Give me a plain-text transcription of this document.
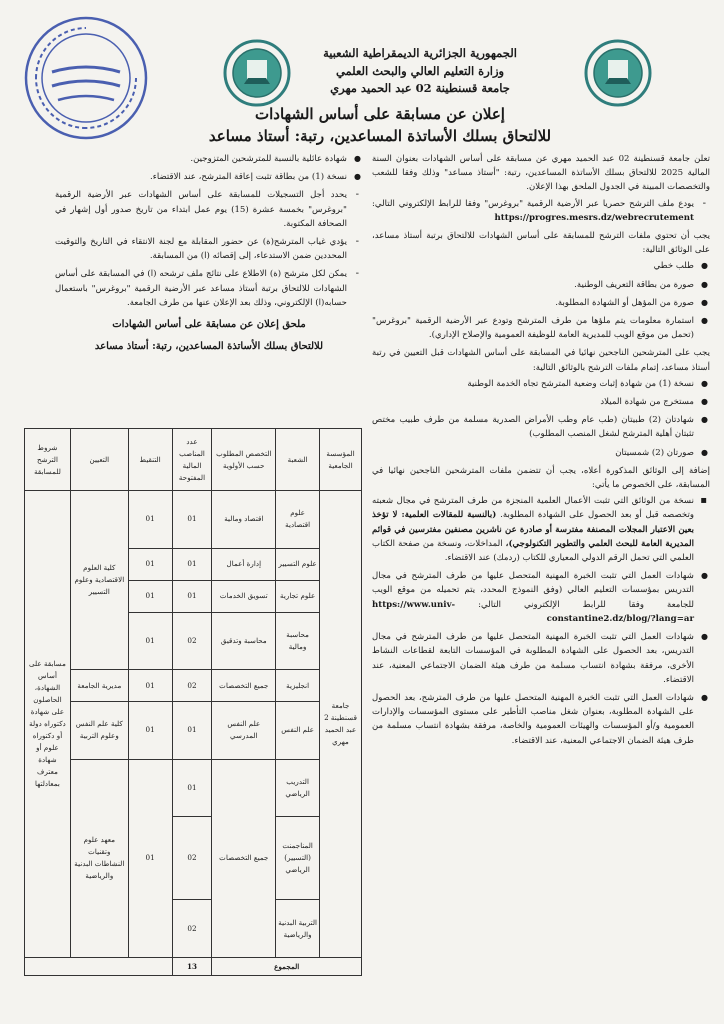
الجمهورية الجزائرية الديمقراطية الشعبية
وزارة التعليم العالي والبحث العلمي
جامعة قسنطينة 02 عبد الحميد مهري
إعلان عن مسابقة على أساس الشهادات
للالتحاق بسلك الأساتذة المساعدين، رتبة: أستاذ مساعد

تعلن جامعة قسنطينة 02 عبد الحميد مهري عن مسابقة على أساس الشهادات بعنوان السنة المالية 2025 للالتحاق بسلك الأساتذة المساعدين، رتبة: "أستاذ مساعد" وذلك وفقا للشعب والتخصصات المبينة في الجدول الملحق بهذا الإعلان.

- يودع ملف الترشح حصريا عبر الأرضية الرقمية "بروغرس" وفقا للرابط الإلكتروني التالي: https://progres.mesrs.dz/webrecrutement

يجب أن تحتوي ملفات الترشح للمسابقة على أساس الشهادات للالتحاق برتبة أستاذ مساعد، على الوثائق التالية:

● طلب خطي
● صورة من بطاقة التعريف الوطنية.
● صورة من المؤهل أو الشهادة المطلوبة.
● استمارة معلومات يتم ملؤها من طرف المترشح وتودع عبر الأرضية الرقمية "بروغرس" (تحمل من موقع الويب للمديرية العامة للوظيفة العمومية والإصلاح الإداري).

يجب على المترشحين الناجحين نهائيا في المسابقة على أساس الشهادات قبل التعيين في رتبة أستاذ مساعد، إتمام ملفات الترشح بالوثائق التالية:

● نسخة (1) من شهادة إثبات وضعية المترشح تجاه الخدمة الوطنية
● مستخرج من شهادة الميلاد
● شهادتان (2) طبيتان (طب عام وطب الأمراض الصدرية مسلمة من طرف طبيب مختص تثبتان أهلية المترشح لشغل المنصب المطلوب)
● صورتان (2) شمسيتان

إضافة إلى الوثائق المذكورة أعلاه، يجب أن تتضمن ملفات المترشحين الناجحين نهائيا في المسابقة، على الخصوص ما يأتي:

▪ نسخة من الوثائق التي تثبت الأعمال العلمية المنجزة من طرف المترشح في مجال شعبته وتخصصه قبل أو بعد الحصول على الشهادة المطلوبة. (بالنسبة للمقالات العلمية: لا تؤخذ بعين الاعتبار المجلات المصنفة مفترسة أو صادرة عن ناشرين مصنفين مفترسين في قوائم المديرية العامة للبحث العلمي والتطوير التكنولوجي)، المداخلات، ونسخة من صفحة الكتاب العلمي التي تحمل الرقم الدولي المعياري للكتاب (ردمك) عند الاقتضاء.
● شهادات العمل التي تثبت الخبرة المهنية المتحصل عليها من طرف المترشح في مجال التدريس بمؤسسات التعليم العالي (وفق النموذج المحدد، يتم تحميله من موقع الويب للجامعة وفقا للرابط الإلكتروني التالي: https://www.univ-constantine2.dz/blog/?lang=ar
● شهادات العمل التي تثبت الخبرة المهنية المتحصل عليها من طرف المترشح في مجال التدريس، بعد الحصول على الشهادة المطلوبة في المؤسسات التابعة لقطاعات النشاط الأخرى، مرفقة بشهادة انتساب مسلمة من طرف هيئة الضمان الاجتماعي المعنية، عند الاقتضاء.
● شهادات العمل التي تثبت الخبرة المهنية المتحصل عليها من طرف المترشح، بعد الحصول على الشهادة المطلوبة، بعنوان شغل مناصب التأطير على مستوى المؤسسات والإدارات العمومية و/أو المؤسسات والهيئات العمومية والخاصة، مرفقة بشهادة انتساب مسلمة من طرف هيئة الضمان الاجتماعي المعنية، عند الاقتضاء.
● شهادة عائلية بالنسبة للمترشحين المتزوجين.
● نسخة (1) من بطاقة تثبت إعاقة المترشح، عند الاقتضاء.
- يحدد أجل التسجيلات للمسابقة على أساس الشهادات عبر الأرضية الرقمية "بروغرس" بخمسة عشرة (15) يوم عمل ابتداء من تاريخ صدور أول إشهار في الصحافة المكتوبة.
- يؤدي غياب المترشح(ة) عن حضور المقابلة مع لجنة الانتقاء في التاريخ والتوقيت المحددين ضمن الاستدعاء، إلى إقصائه (ا) من المسابقة.
- يمكن لكل مترشح (ة) الاطلاع على نتائج ملف ترشحه (ا) في المسابقة على أساس الشهادات للالتحاق برتبة أستاذ مساعد عبر الأرضية الرقمية "بروغرس" باستعمال حسابه(ا) الإلكتروني، وذلك بعد الإعلان عنها من طرف الجامعة.
ملحق إعلان عن مسابقة على أساس الشهادات
للالتحاق بسلك الأساتذة المساعدين، رتبة: أستاذ مساعد
المؤسسة الجامعية	الشعبة	التخصص المطلوب حسب الأولوية	عدد المناصب المالية المفتوحة	التنقيط	التعيين	شروط الترشح للمسابقة
جامعة قسنطينة 2 عبد الحميد مهري	علوم اقتصادية	اقتصاد ومالية	01	01	كلية العلوم الاقتصادية وعلوم التسيير	مسابقة على أساس الشهادة، الحاصلون على شهادة دكتوراه دولة أو دكتوراه علوم أو شهادة معترف بمعادلتها
	علوم التسيير	إدارة أعمال	01	01		
	علوم تجارية	تسويق الخدمات	01	01		
	محاسبة ومالية	محاسبة وتدقيق	02	01		
	انجليزية	جميع التخصصات	02	01	مديرية الجامعة	
	علم النفس	علم النفس المدرسي	01	01	كلية علم النفس وعلوم التربية	
	التدريب الرياضي	جميع التخصصات	01	01	معهد علوم وتقنيات النشاطات البدنية والرياضية	
	المناجمنت (التسيير) الرياضي		02			
	التربية البدنية والرياضية		02			
المجموع			13			
